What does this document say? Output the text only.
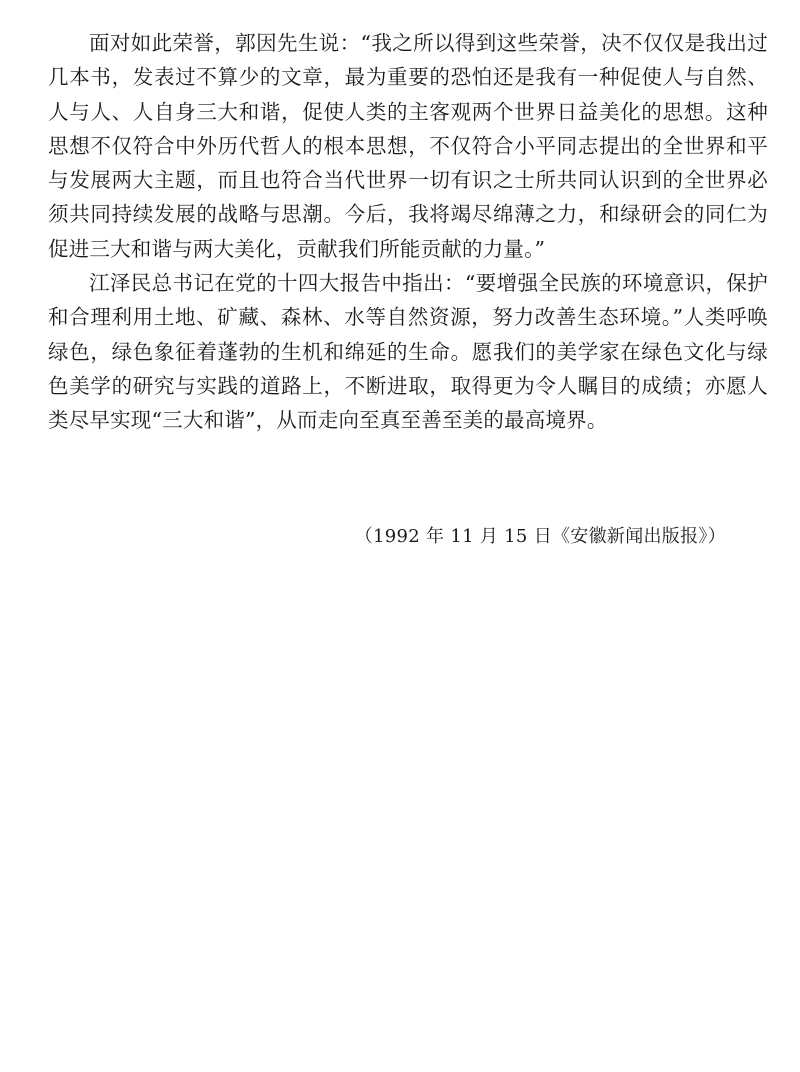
面对如此荣誉，郭因先生说：“我之所以得到这些荣誉，决不仅仅是我出过几本书，发表过不算少的文章，最为重要的恐怕还是我有一种促使人与自然、人与人、人自身三大和谐，促使人类的主客观两个世界日益美化的思想。这种思想不仅符合中外历代哲人的根本思想，不仅符合小平同志提出的全世界和平与发展两大主题，而且也符合当代世界一切有识之士所共同认识到的全世界必须共同持续发展的战略与思潮。今后，我将竭尽绵薄之力，和绿研会的同仁为促进三大和谐与两大美化，贡献我们所能贡献的力量。”

江泽民总书记在党的十四大报告中指出：“要增强全民族的环境意识，保护和合理利用土地、矿藏、森林、水等自然资源，努力改善生态环境。”人类呼唤绿色，绿色象征着蓬勃的生机和绵延的生命。愿我们的美学家在绿色文化与绿色美学的研究与实践的道路上，不断进取，取得更为令人瞩目的成绩；亦愿人类尽早实现“三大和谐”，从而走向至真至善至美的最高境界。

（1992 年 11 月 15 日《安徽新闻出版报》）
